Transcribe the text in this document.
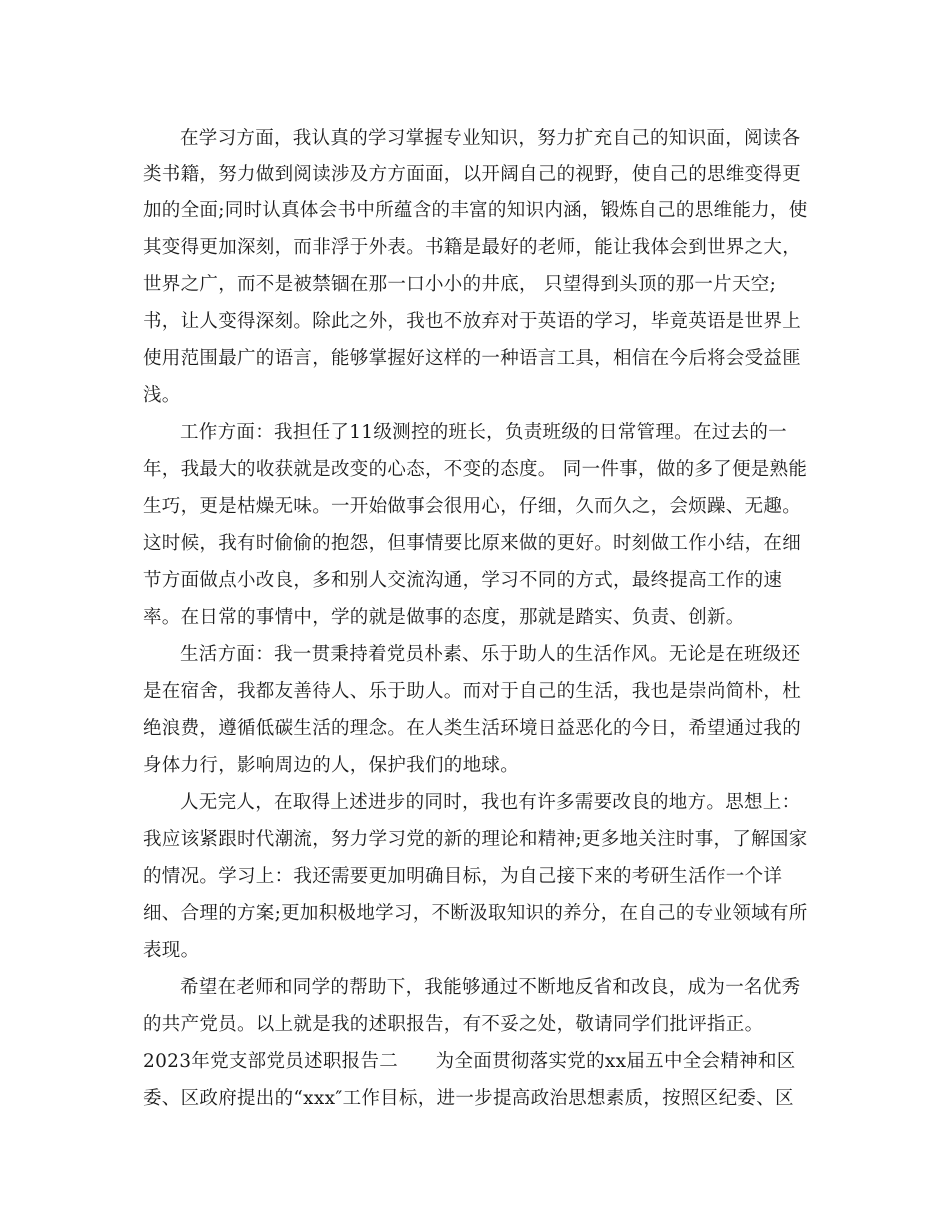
在学习方面，我认真的学习掌握专业知识，努力扩充自己的知识面，阅读各
类书籍，努力做到阅读涉及方方面面，以开阔自己的视野，使自己的思维变得更
加的全面;同时认真体会书中所蕴含的丰富的知识内涵，锻炼自己的思维能力，使
其变得更加深刻，而非浮于外表。书籍是最好的老师，能让我体会到世界之大，
世界之广，而不是被禁锢在那一口小小的井底， 只望得到头顶的那一片天空;
书，让人变得深刻。除此之外，我也不放弃对于英语的学习，毕竟英语是世界上
使用范围最广的语言，能够掌握好这样的一种语言工具，相信在今后将会受益匪
浅。
工作方面：我担任了11级测控的班长，负责班级的日常管理。在过去的一
年，我最大的收获就是改变的心态，不变的态度。 同一件事，做的多了便是熟能
生巧，更是枯燥无味。一开始做事会很用心，仔细，久而久之，会烦躁、无趣。
这时候，我有时偷偷的抱怨，但事情要比原来做的更好。时刻做工作小结，在细
节方面做点小改良，多和别人交流沟通，学习不同的方式，最终提高工作的速
率。在日常的事情中，学的就是做事的态度，那就是踏实、负责、创新。
生活方面：我一贯秉持着党员朴素、乐于助人的生活作风。无论是在班级还
是在宿舍，我都友善待人、乐于助人。而对于自己的生活，我也是崇尚简朴，杜
绝浪费，遵循低碳生活的理念。在人类生活环境日益恶化的今日，希望通过我的
身体力行，影响周边的人，保护我们的地球。
人无完人，在取得上述进步的同时，我也有许多需要改良的地方。思想上：
我应该紧跟时代潮流，努力学习党的新的理论和精神;更多地关注时事，了解国家
的情况。学习上：我还需要更加明确目标，为自己接下来的考研生活作一个详
细、合理的方案;更加积极地学习，不断汲取知识的养分，在自己的专业领域有所
表现。
希望在老师和同学的帮助下，我能够通过不断地反省和改良，成为一名优秀
的共产党员。以上就是我的述职报告，有不妥之处，敬请同学们批评指正。
2023年党支部党员述职报告二　　为全面贯彻落实党的xx届五中全会精神和区
委、区政府提出的“xxx″工作目标，进一步提高政治思想素质，按照区纪委、区
